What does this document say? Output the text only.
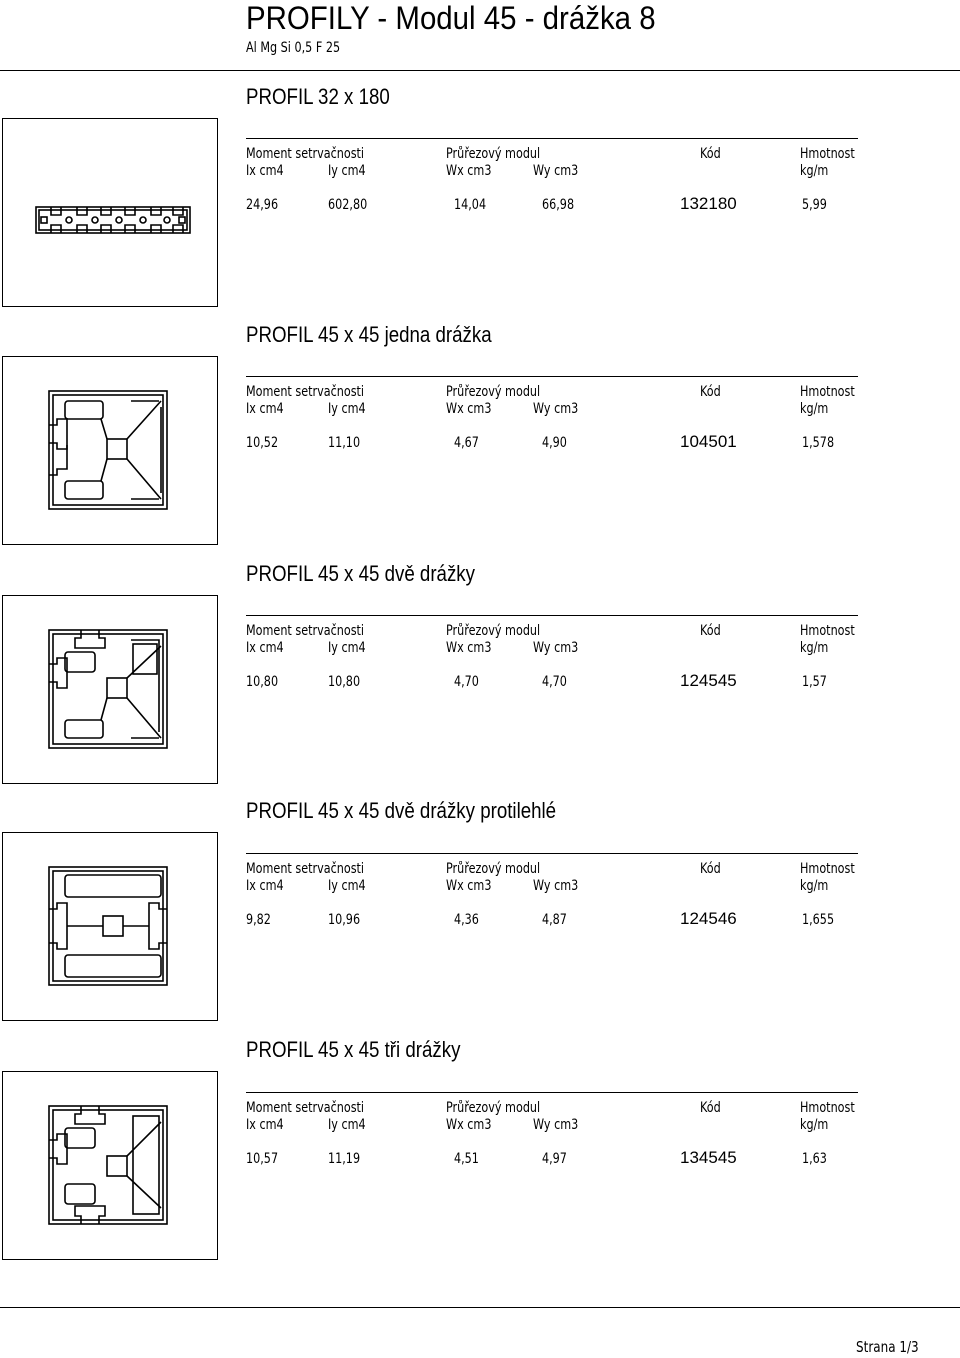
PROFILY - Modul 45 - drážka 8
Al Mg Si 0,5 F 25
PROFIL 32 x 180
Moment setrvačnosti	Průřezový modul	Kód	Hmotnost
Ix cm4	Iy cm4	Wx cm3	Wy cm3	kg/m
24,96	602,80	14,04	66,98	132180	5,99
PROFIL 45 x 45 jedna drážka
Moment setrvačnosti	Průřezový modul	Kód	Hmotnost
Ix cm4	Iy cm4	Wx cm3	Wy cm3	kg/m
10,52	11,10	4,67	4,90	104501	1,578
PROFIL 45 x 45 dvě drážky
Moment setrvačnosti	Průřezový modul	Kód	Hmotnost
Ix cm4	Iy cm4	Wx cm3	Wy cm3	kg/m
10,80	10,80	4,70	4,70	124545	1,57
PROFIL 45 x 45 dvě drážky protilehlé
Moment setrvačnosti	Průřezový modul	Kód	Hmotnost
Ix cm4	Iy cm4	Wx cm3	Wy cm3	kg/m
9,82	10,96	4,36	4,87	124546	1,655
PROFIL 45 x 45 tři drážky
Moment setrvačnosti	Průřezový modul	Kód	Hmotnost
Ix cm4	Iy cm4	Wx cm3	Wy cm3	kg/m
10,57	11,19	4,51	4,97	134545	1,63
Strana 1/3
